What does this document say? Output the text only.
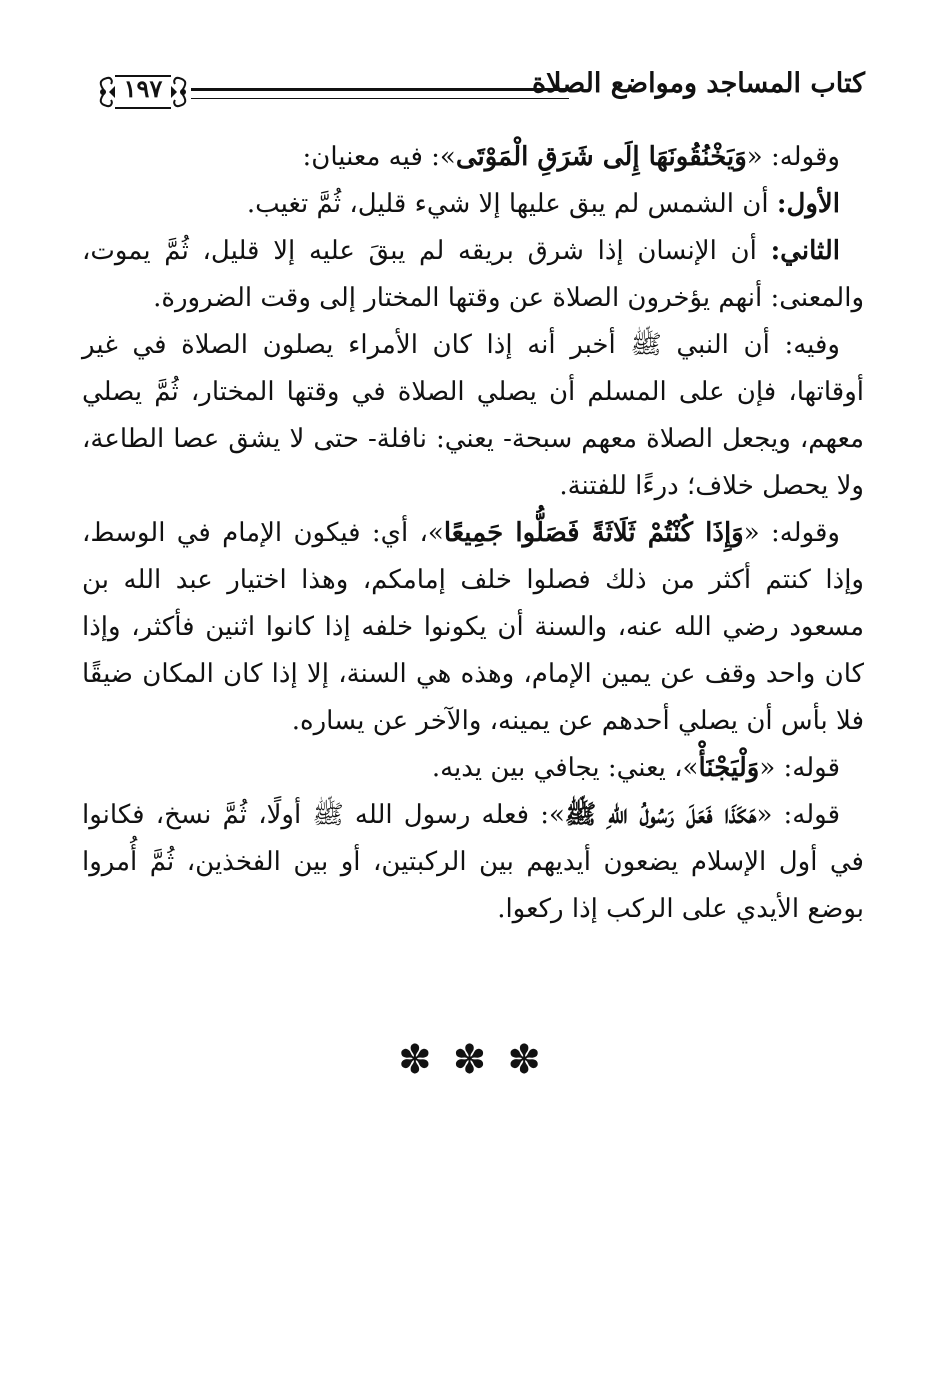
كتاب المساجد ومواضع الصلاة
١٩٧

وقوله: «وَيَخْنُقُونَهَا إِلَى شَرَقِ الْمَوْتَى»: فيه معنيان:

الأول: أن الشمس لم يبق عليها إلا شيء قليل، ثُمَّ تغيب.

الثاني: أن الإنسان إذا شرق بريقه لم يبقَ عليه إلا قليل، ثُمَّ يموت، والمعنى: أنهم يؤخرون الصلاة عن وقتها المختار إلى وقت الضرورة.

وفيه: أن النبي ﷺ أخبر أنه إذا كان الأمراء يصلون الصلاة في غير أوقاتها، فإن على المسلم أن يصلي الصلاة في وقتها المختار، ثُمَّ يصلي معهم، ويجعل الصلاة معهم سبحة- يعني: نافلة- حتى لا يشق عصا الطاعة، ولا يحصل خلاف؛ درءًا للفتنة.

وقوله: «وَإِذَا كُنْتُمْ ثَلَاثَةً فَصَلُّوا جَمِيعًا»، أي: فيكون الإمام في الوسط، وإذا كنتم أكثر من ذلك فصلوا خلف إمامكم، وهذا اختيار عبد الله بن مسعود رضي الله عنه، والسنة أن يكونوا خلفه إذا كانوا اثنين فأكثر، وإذا كان واحد وقف عن يمين الإمام، وهذه هي السنة، إلا إذا كان المكان ضيقًا فلا بأس أن يصلي أحدهم عن يمينه، والآخر عن يساره.

قوله: «وَلْيَجْنَأْ»، يعني: يجافي بين يديه.

قوله: «هَكَذَا فَعَلَ رَسُولُ اللهِ ﷺ»: فعله رسول الله ﷺ أولًا، ثُمَّ نسخ، فكانوا في أول الإسلام يضعون أيديهم بين الركبتين، أو بين الفخذين، ثُمَّ أُمروا بوضع الأيدي على الركب إذا ركعوا.

✽ ✽ ✽
